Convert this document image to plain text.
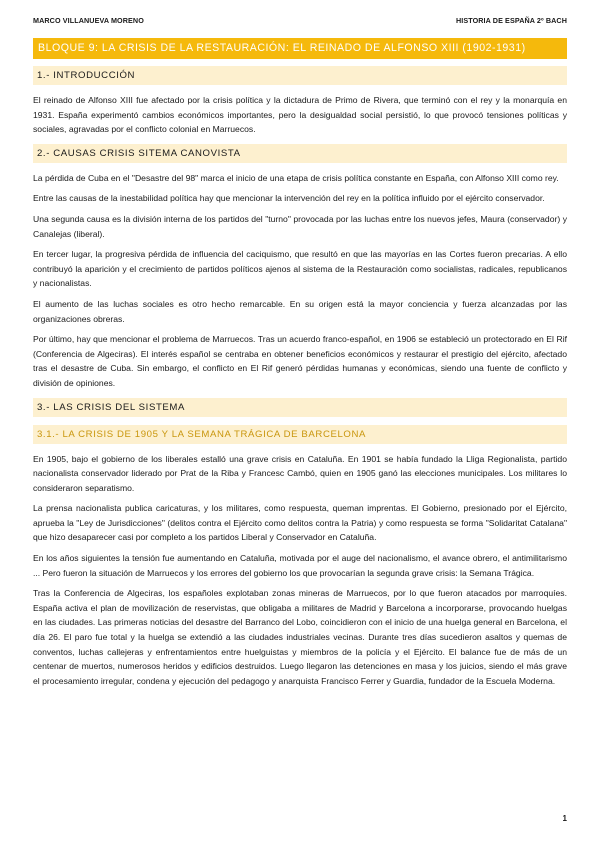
MARCO VILLANUEVA MORENO	HISTORIA DE ESPAÑA 2º BACH
BLOQUE 9: LA CRISIS DE LA RESTAURACIÓN: EL REINADO DE ALFONSO XIII (1902-1931)
1.- INTRODUCCIÓN

El reinado de Alfonso XIII fue afectado por la crisis política y la dictadura de Primo de Rivera, que terminó con el rey y la monarquía en 1931. España experimentó cambios económicos importantes, pero la desigualdad social persistió, lo que provocó tensiones políticas y sociales, agravadas por el conflicto colonial en Marruecos.

2.- CAUSAS CRISIS SITEMA CANOVISTA

La pérdida de Cuba en el "Desastre del 98" marca el inicio de una etapa de crisis política constante en España, con Alfonso XIII como rey.

Entre las causas de la inestabilidad política hay que mencionar la intervención del rey en la política influido por el ejército conservador.

Una segunda causa es la división interna de los partidos del "turno" provocada por las luchas entre los nuevos jefes, Maura (conservador) y Canalejas (liberal).

En tercer lugar, la progresiva pérdida de influencia del caciquismo, que resultó en que las mayorías en las Cortes fueron precarias. A ello contribuyó la aparición y el crecimiento de partidos políticos ajenos al sistema de la Restauración como socialistas, radicales, republicanos y nacionalistas.

El aumento de las luchas sociales es otro hecho remarcable. En su origen está la mayor conciencia y fuerza alcanzadas por las organizaciones obreras.

Por último, hay que mencionar el problema de Marruecos. Tras un acuerdo franco-español, en 1906 se estableció un protectorado en El Rif (Conferencia de Algeciras). El interés español se centraba en obtener beneficios económicos y restaurar el prestigio del ejército, afectado tras el desastre de Cuba. Sin embargo, el conflicto en El Rif generó pérdidas humanas y económicas, siendo una fuente de conflicto y división de opiniones.

3.- LAS CRISIS DEL SISTEMA
3.1.- LA CRISIS DE 1905 Y LA SEMANA TRÁGICA DE BARCELONA

En 1905, bajo el gobierno de los liberales estalló una grave crisis en Cataluña. En 1901 se había fundado la Lliga Regionalista, partido nacionalista conservador liderado por Prat de la Riba y Francesc Cambó, quien en 1905 ganó las elecciones municipales. Los militares lo consideraron separatismo.

La prensa nacionalista publica caricaturas, y los militares, como respuesta, queman imprentas. El Gobierno, presionado por el Ejército, aprueba la "Ley de Jurisdicciones" (delitos contra el Ejército como delitos contra la Patria) y como respuesta se forma "Solidaritat Catalana" que hizo desaparecer casi por completo a los partidos Liberal y Conservador en Cataluña.

En los años siguientes la tensión fue aumentando en Cataluña, motivada por el auge del nacionalismo, el avance obrero, el antimilitarismo ... Pero fueron la situación de Marruecos y los errores del gobierno los que provocarían la segunda grave crisis: la Semana Trágica.

Tras la Conferencia de Algeciras, los españoles explotaban zonas mineras de Marruecos, por lo que fueron atacados por marroquíes. España activa el plan de movilización de reservistas, que obligaba a militares de Madrid y Barcelona a incorporarse, provocando huelgas en las ciudades. Las primeras noticias del desastre del Barranco del Lobo, coincidieron con el inicio de una huelga general en Barcelona, el día 26. El paro fue total y la huelga se extendió a las ciudades industriales vecinas. Durante tres días sucedieron asaltos y quemas de conventos, luchas callejeras y enfrentamientos entre huelguistas y miembros de la policía y el Ejército. El balance fue de más de un centenar de muertos, numerosos heridos y edificios destruidos. Luego llegaron las detenciones en masa y los juicios, siendo el más grave el procesamiento irregular, condena y ejecución del pedagogo y anarquista Francisco Ferrer y Guardia, fundador de la Escuela Moderna.

1
